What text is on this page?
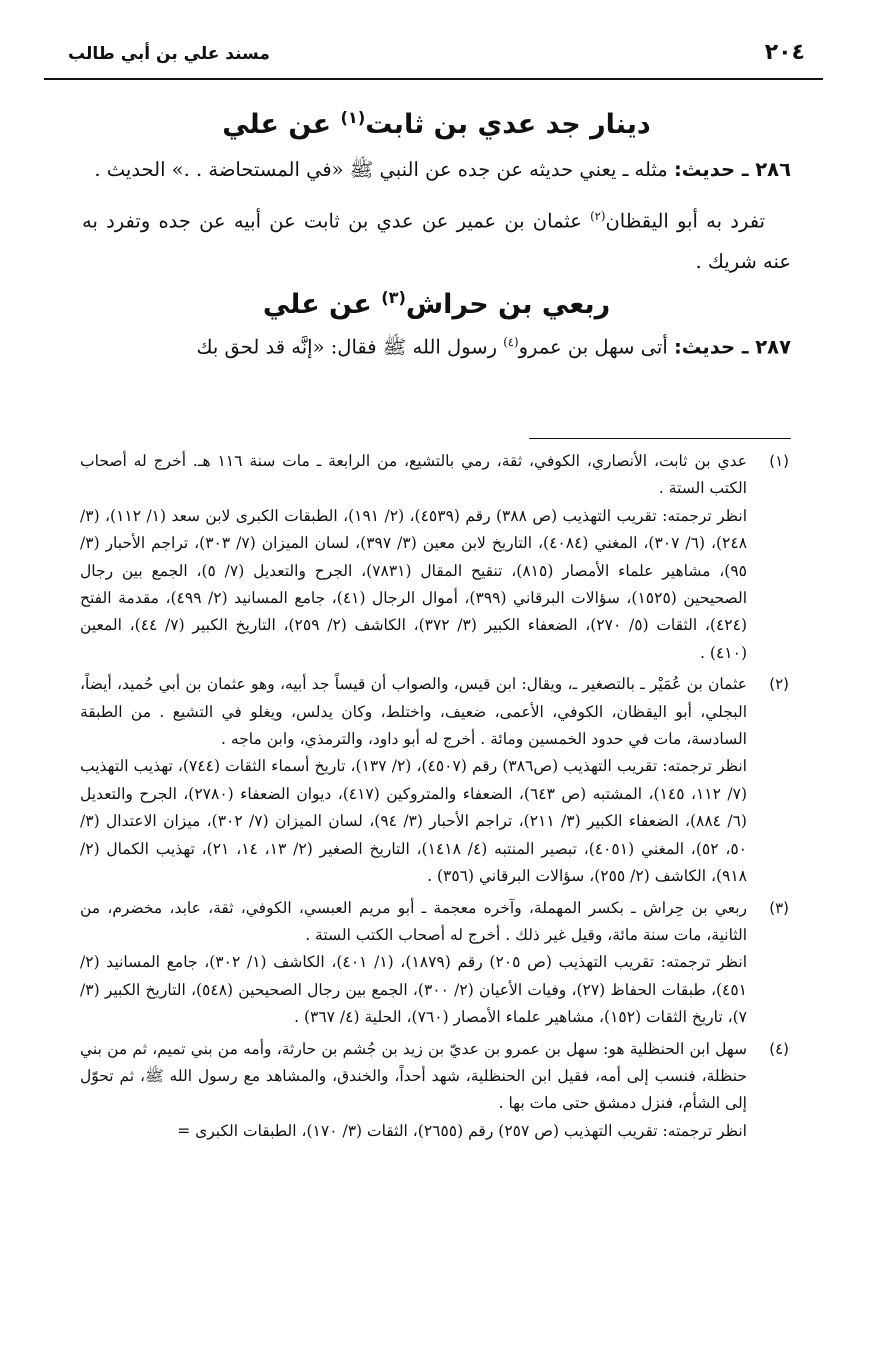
٢٠٤
مسند علي بن أبي طالب
دينار جد عدي بن ثابت$^{(١)}$ عن علي

٢٨٦ ـ حديث: مثله ـ يعني حديثه عن جده عن النبي ﷺ «في المستحاضة . .» الحديث .

تفرد به أبو اليقظان$^{(٢)}$ عثمان بن عمير عن عدي بن ثابت عن أبيه عن جده وتفرد به عنه شريك .

ربعي بن حراش$^{(٣)}$ عن علي

٢٨٧ ـ حديث: أتى سهل بن عمرو$^{(٤)}$ رسول الله ﷺ فقال: «إنَّه قد لحق بك

(١)

عدي بن ثابت، الأنصاري، الكوفي، ثقة، رمي بالتشيع، من الرابعة ـ مات سنة ١١٦ هـ. أخرج له أصحاب الكتب الستة .

انظر ترجمته: تقريب التهذيب (ص ٣٨٨) رقم (٤٥٣٩)، (٢/ ١٩١)، الطبقات الكبرى لابن سعد (١/ ١١٢)، (٣/ ٢٤٨)، (٦/ ٣٠٧)، المغني (٤٠٨٤)، التاريخ لابن معين (٣/ ٣٩٧)، لسان الميزان (٧/ ٣٠٣)، تراجم الأحبار (٣/ ٩٥)، مشاهير علماء الأمصار (٨١٥)، تنقيح المقال (٧٨٣١)، الجرح والتعديل (٧/ ٥)، الجمع بين رجال الصحيحين (١٥٢٥)، سؤالات البرقاني (٣٩٩)، أموال الرجال (٤١)، جامع المسانيد (٢/ ٤٩٩)، مقدمة الفتح (٤٢٤)، الثقات (٥/ ٢٧٠)، الضعفاء الكبير (٣/ ٣٧٢)، الكاشف (٢/ ٢٥٩)، التاريخ الكبير (٧/ ٤٤)، المعين (٤١٠) .

(٢)

عثمان بن عُمَيْر ـ بالتصغير ـ، ويقال: ابن قيس، والصواب أن قيساً جد أبيه، وهو عثمان بن أبي حُميد، أيضاً، البجلي، أبو اليقظان، الكوفي، الأعمى، ضعيف، واختلط، وكان يدلس، ويغلو في التشيع . من الطبقة السادسة، مات في حدود الخمسين ومائة . أخرج له أبو داود، والترمذي، وابن ماجه .

انظر ترجمته: تقريب التهذيب (ص٣٨٦) رقم (٤٥٠٧)، (٢/ ١٣٧)، تاريخ أسماء الثقات (٧٤٤)، تهذيب التهذيب (٧/ ١١٢، ١٤٥)، المشتبه (ص ٦٤٣)، الضعفاء والمتروكين (٤١٧)، ديوان الضعفاء (٢٧٨٠)، الجرح والتعديل (٦/ ٨٨٤)، الضعفاء الكبير (٣/ ٢١١)، تراجم الأحبار (٣/ ٩٤)، لسان الميزان (٧/ ٣٠٢)، ميزان الاعتدال (٣/ ٥٠، ٥٢)، المغني (٤٠٥١)، تبصير المنتبه (٤/ ١٤١٨)، التاريخ الصغير (٢/ ١٣، ١٤، ٢١)، تهذيب الكمال (٢/ ٩١٨)، الكاشف (٢/ ٢٥٥)، سؤالات البرقاني (٣٥٦) .

(٣)

ربعي بن حِراش ـ بكسر المهملة، وآخره معجمة ـ أبو مريم العبسي، الكوفي، ثقة، عابد، مخضرم، من الثانية، مات سنة مائة، وقيل غير ذلك . أخرج له أصحاب الكتب الستة .

انظر ترجمته: تقريب التهذيب (ص ٢٠٥) رقم (١٨٧٩)، (١/ ٤٠١)، الكاشف (١/ ٣٠٢)، جامع المسانيد (٢/ ٤٥١)، طبقات الحفاظ (٢٧)، وفيات الأعيان (٢/ ٣٠٠)، الجمع بين رجال الصحيحين (٥٤٨)، التاريخ الكبير (٣/ ٧)، تاريخ الثقات (١٥٢)، مشاهير علماء الأمصار (٧٦٠)، الحلية (٤/ ٣٦٧) .

(٤)

سهل ابن الحنظلية هو: سهل بن عمرو بن عديّ بن زيد بن جُشم بن حارثة، وأمه من بني تميم، ثم من بني حنظلة، فنسب إلى أمه، فقيل ابن الحنظلية، شهد أحداً، والخندق، والمشاهد مع رسول الله ﷺ، ثم تحوّل إلى الشأم، فنزل دمشق حتى مات بها .

انظر ترجمته: تقريب التهذيب (ص ٢٥٧) رقم (٢٦٥٥)، الثقات (٣/ ١٧٠)، الطبقات الكبرى =
